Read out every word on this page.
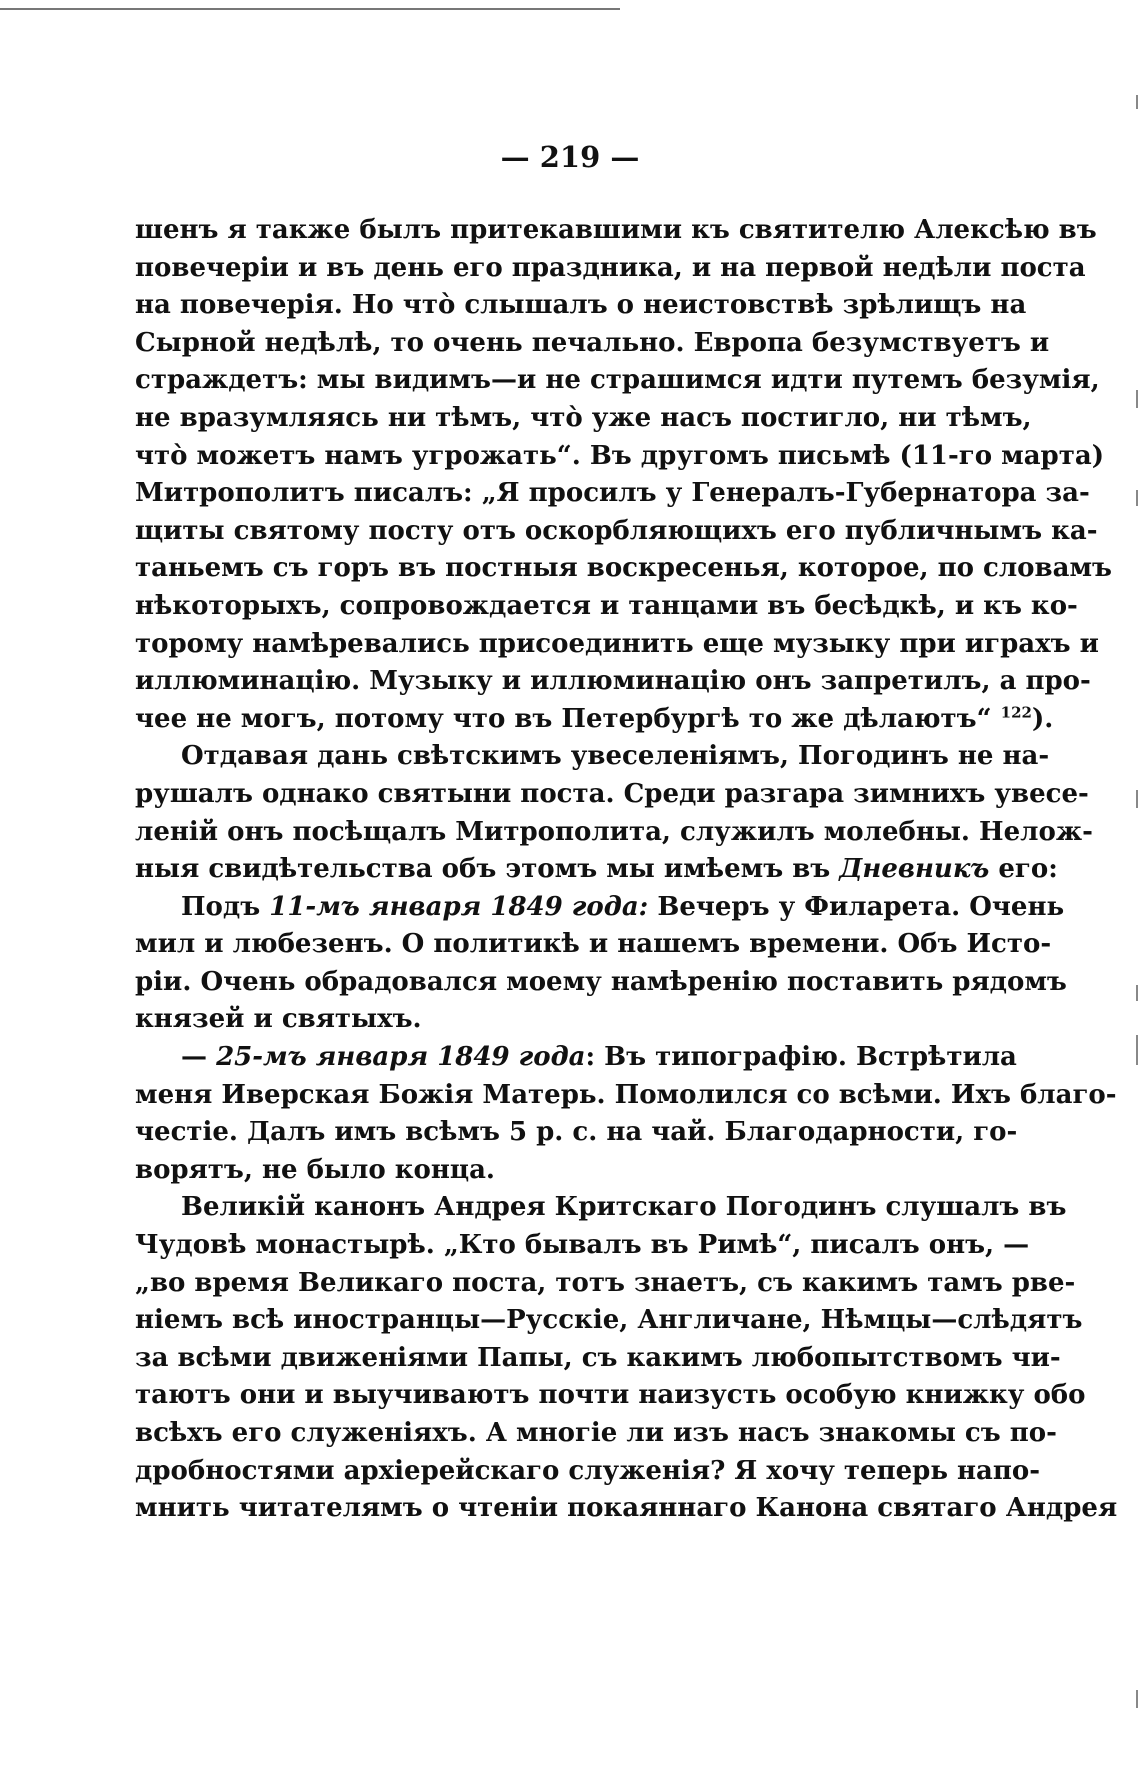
— 219 —
шенъ я также былъ притекавшими къ святителю Алексѣю въ
повечеріи и въ день его праздника, и на первой недѣли поста
на повечерія. Но что̀ слышалъ о неистовствѣ зрѣлищъ на
Сырной недѣлѣ, то очень печально. Европа безумствуетъ и
страждетъ: мы видимъ—и не страшимся идти путемъ безумія,
не вразумляясь ни тѣмъ, что̀ уже насъ постигло, ни тѣмъ,
что̀ можетъ намъ угрожать“. Въ другомъ письмѣ (11-го марта)
Митрополитъ писалъ: „Я просилъ у Генералъ-Губернатора за-
щиты святому посту отъ оскорбляющихъ его публичнымъ ка-
таньемъ съ горъ въ постныя воскресенья, которое, по словамъ
нѣкоторыхъ, сопровождается и танцами въ бесѣдкѣ, и къ ко-
торому намѣревались присоединить еще музыку при играхъ и
иллюминацію. Музыку и иллюминацію онъ запретилъ, а про-
чее не могъ, потому что въ Петербургѣ то же дѣлаютъ“ $^{122}$).
Отдавая дань свѣтскимъ увеселеніямъ, Погодинъ не на-
рушалъ однако святыни поста. Среди разгара зимнихъ увесе-
леній онъ посѣщалъ Митрополита, служилъ молебны. Нелож-
ныя свидѣтельства объ этомъ мы имѣемъ въ Дневникъ его:
Подъ 11-мъ января 1849 года: Вечеръ у Филарета. Очень
мил и любезенъ. О политикѣ и нашемъ времени. Объ Исто-
ріи. Очень обрадовался моему намѣренію поставить рядомъ
князей и святыхъ.
— 25-мъ января 1849 года: Въ типографію. Встрѣтила
меня Иверская Божія Матерь. Помолился со всѣми. Ихъ благо-
честіе. Далъ имъ всѣмъ 5 р. с. на чай. Благодарности, го-
ворятъ, не было конца.
Великій канонъ Андрея Критскаго Погодинъ слушалъ въ
Чудовѣ монастырѣ. „Кто бывалъ въ Римѣ“, писалъ онъ, —
„во время Великаго поста, тотъ знаетъ, съ какимъ тамъ рве-
ніемъ всѣ иностранцы—Русскіе, Англичане, Нѣмцы—слѣдятъ
за всѣми движеніями Папы, съ какимъ любопытствомъ чи-
таютъ они и выучиваютъ почти наизусть особую книжку обо
всѣхъ его служеніяхъ. А многіе ли изъ насъ знакомы съ по-
дробностями архіерейскаго служенія? Я хочу теперь напо-
мнить читателямъ о чтеніи покаяннаго Канона святаго Андрея
